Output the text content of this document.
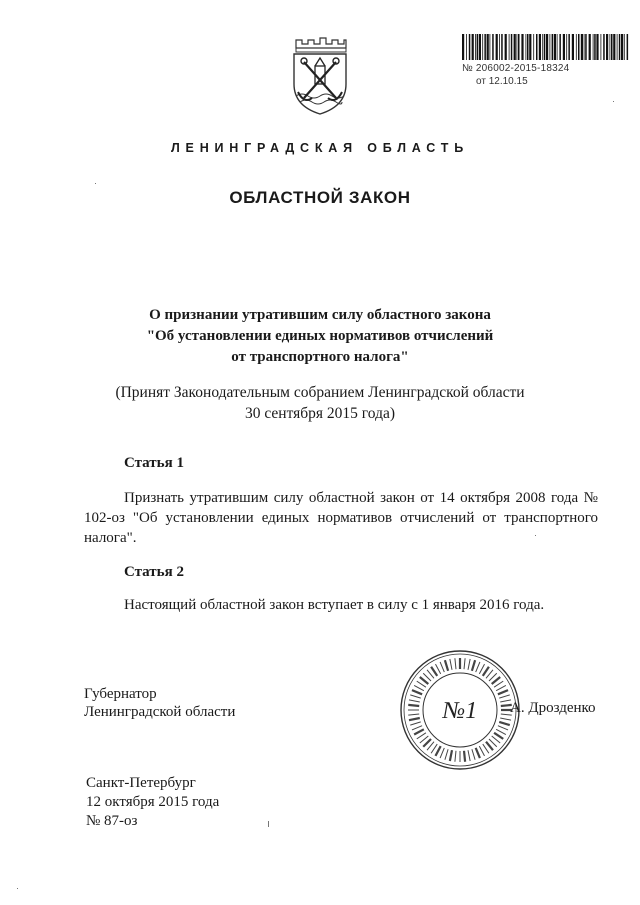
№ 206002-2015-18324
от 12.10.15
ЛЕНИНГРАДСКАЯ ОБЛАСТЬ
ОБЛАСТНОЙ ЗАКОН
О признании утратившим силу областного закона
"Об установлении единых нормативов отчислений
от транспортного налога"
(Принят Законодательным собранием Ленинградской области
30 сентября 2015 года)
Статья 1

Признать утратившим силу областной закон от 14 октября 2008 года № 102-оз "Об установлении единых нормативов отчислений от транспортного налога".

Статья 2
Настоящий областной закон вступает в силу с 1 января 2016 года.
Губернатор
Ленинградской области	№1 А. Дрозденко
Санкт-Петербург
12 октября 2015 года
№ 87-оз
